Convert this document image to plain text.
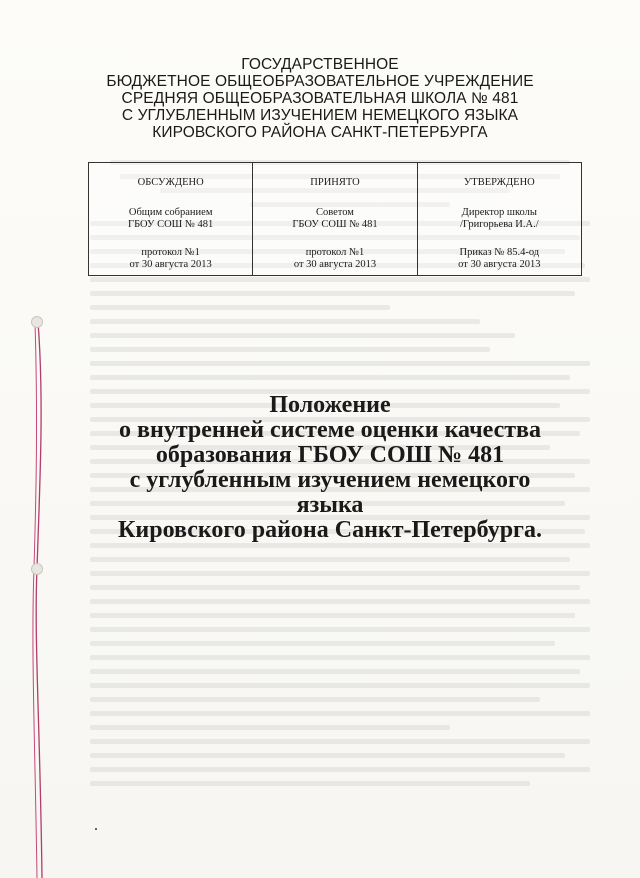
ГОСУДАРСТВЕННОЕ
БЮДЖЕТНОЕ ОБЩЕОБРАЗОВАТЕЛЬНОЕ УЧРЕЖДЕНИЕ
СРЕДНЯЯ ОБЩЕОБРАЗОВАТЕЛЬНАЯ ШКОЛА № 481
С УГЛУБЛЕННЫМ ИЗУЧЕНИЕМ НЕМЕЦКОГО ЯЗЫКА
КИРОВСКОГО РАЙОНА САНКТ-ПЕТЕРБУРГА
ОБСУЖДЕНО
Общим собранием
ГБОУ СОШ № 481
протокол №1
от 30 августа 2013
ПРИНЯТО
Советом
ГБОУ СОШ № 481
протокол №1
от 30 августа 2013
УТВЕРЖДЕНО
Директор школы
/Григорьева И.А./
Приказ № 85.4-од
от 30 августа 2013
Положение
о внутренней системе оценки качества
образования ГБОУ СОШ № 481
с углубленным изучением немецкого языка
Кировского района Санкт-Петербурга.
